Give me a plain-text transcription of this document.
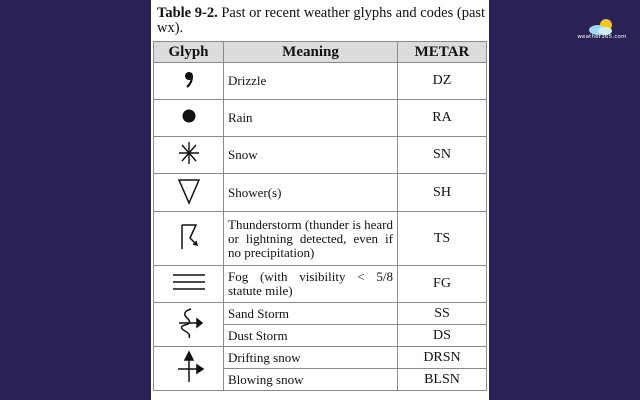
Table 9-2. Past or recent weather glyphs and codes (past wx).
Glyph	Meaning	METAR
	Drizzle	DZ
	Rain	RA
	Snow	SN
	Shower(s)	SH
	Thunderstorm (thunder is heard or lightning detected, even if no precipitation)	TS
	Fog (with visibility < 5/8 statute mile)	FG
	Sand Storm	SS
	Dust Storm	DS
	Drifting snow	DRSN
	Blowing snow	BLSN
weather365.com
